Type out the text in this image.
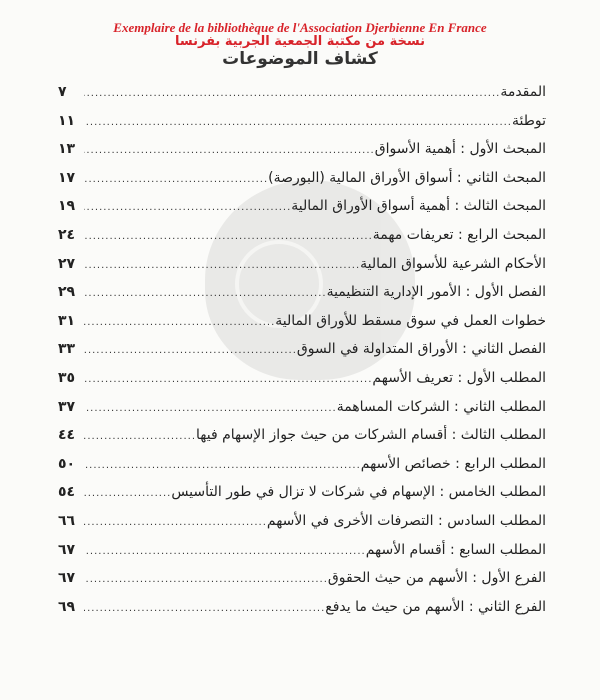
Exemplaire de la bibliothèque de l'Association Djerbienne En France
نسخة من مكتبة الجمعية الجربية بفرنسا
كشاف الموضوعات
المقدمة
.....
٧
توطئة
.....
١١
المبحث الأول : أهمية الأسواق
.....
١٣
المبحث الثاني : أسواق الأوراق المالية (البورصة)
.....
١٧
المبحث الثالث : أهمية أسواق الأوراق المالية
.....
١٩
المبحث الرابع : تعريفات مهمة
.....
٢٤
الأحكام الشرعية للأسواق المالية
.....
٢٧
الفصل الأول : الأمور الإدارية التنظيمية
.....
٢٩
خطوات العمل في سوق مسقط للأوراق المالية
.....
٣١
الفصل الثاني : الأوراق المتداولة في السوق
.....
٣٣
المطلب الأول : تعريف الأسهم
.....
٣٥
المطلب الثاني : الشركات المساهمة
.....
٣٧
المطلب الثالث : أقسام الشركات من حيث جواز الإسهام فيها
.....
٤٤
المطلب الرابع : خصائص الأسهم
.....
٥٠
المطلب الخامس : الإسهام في شركات لا تزال في طور التأسيس
.....
٥٤
المطلب السادس : التصرفات الأخرى في الأسهم
.....
٦٦
المطلب السابع : أقسام الأسهم
.....
٦٧
الفرع الأول : الأسهم من حيث الحقوق
.....
٦٧
الفرع الثاني : الأسهم من حيث ما يدفع
.....
٦٩
